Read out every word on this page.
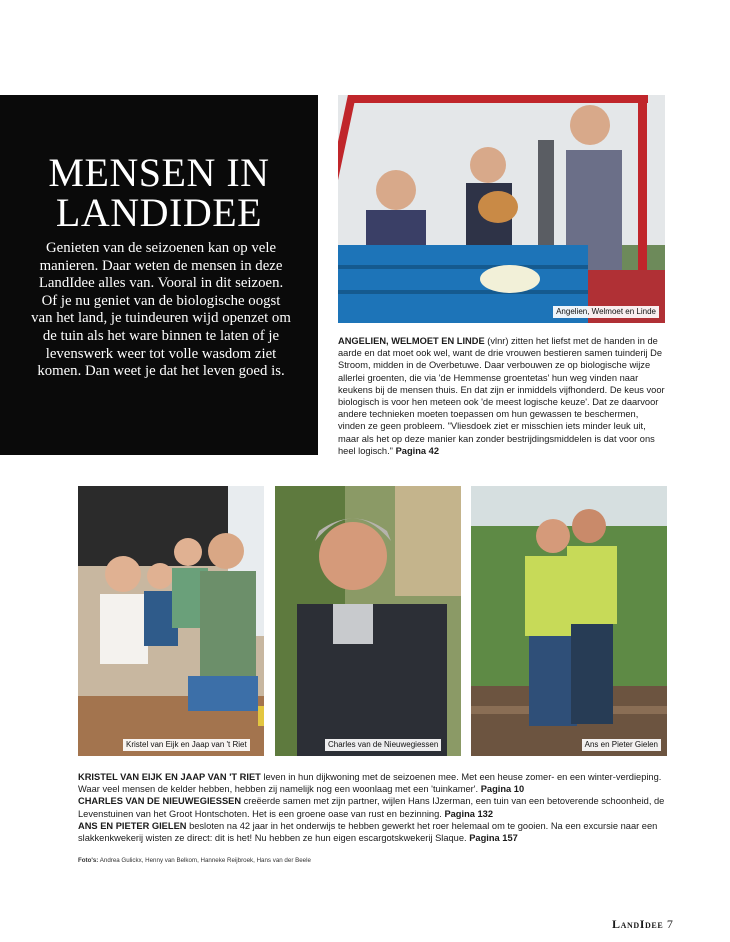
MENSEN IN
LANDIDEE

Genieten van de seizoenen kan op vele manieren. Daar weten de mensen in deze LandIdee alles van. Vooral in dit seizoen. Of je nu geniet van de biologische oogst van het land, je tuindeuren wijd openzet om de tuin als het ware binnen te laten of je levenswerk weer tot volle wasdom ziet komen. Dan weet je dat het leven goed is.

Angelien, Welmoet en Linde
ANGELIEN, WELMOET EN LINDE (vlnr) zitten het liefst met de handen in de aarde en dat moet ook wel, want de drie vrouwen bestieren samen tuinderij De Stroom, midden in de Overbetuwe. Daar verbouwen ze op biologische wijze allerlei groenten, die via 'de Hemmense groentetas' hun weg vinden naar keukens bij de mensen thuis. En dat zijn er inmiddels vijfhonderd. De keus voor biologisch is voor hen meteen ook 'de meest logische keuze'. Dat ze daarvoor andere technieken moeten toepassen om hun gewassen te beschermen, vinden ze geen probleem. "Vliesdoek ziet er misschien iets minder leuk uit, maar als het op deze manier kan zonder bestrijdingsmiddelen is dat voor ons heel logisch." Pagina 42
Kristel van Eijk en Jaap van 't Riet	Charles van de Nieuwegiessen	Ans en Pieter Gielen
KRISTEL VAN EIJK EN JAAP VAN 'T RIET leven in hun dijkwoning met de seizoenen mee. Met een heuse zomer- en een winter-verdieping. Waar veel mensen de kelder hebben, hebben zij namelijk nog een woonlaag met een 'tuinkamer'. Pagina 10
CHARLES VAN DE NIEUWEGIESSEN creëerde samen met zijn partner, wijlen Hans IJzerman, een tuin van een betoverende schoonheid, de Levenstuinen van het Groot Hontschoten. Het is een groene oase van rust en bezinning. Pagina 132
ANS EN PIETER GIELEN besloten na 42 jaar in het onderwijs te hebben gewerkt het roer helemaal om te gooien. Na een excursie naar een slakkenkwekerij wisten ze direct: dit is het! Nu hebben ze hun eigen escargotskwekerij Slaque. Pagina 157
Foto's: Andrea Gulickx, Henny van Belkom, Hanneke Reijbroek, Hans van der Beele
LandIdee 7
